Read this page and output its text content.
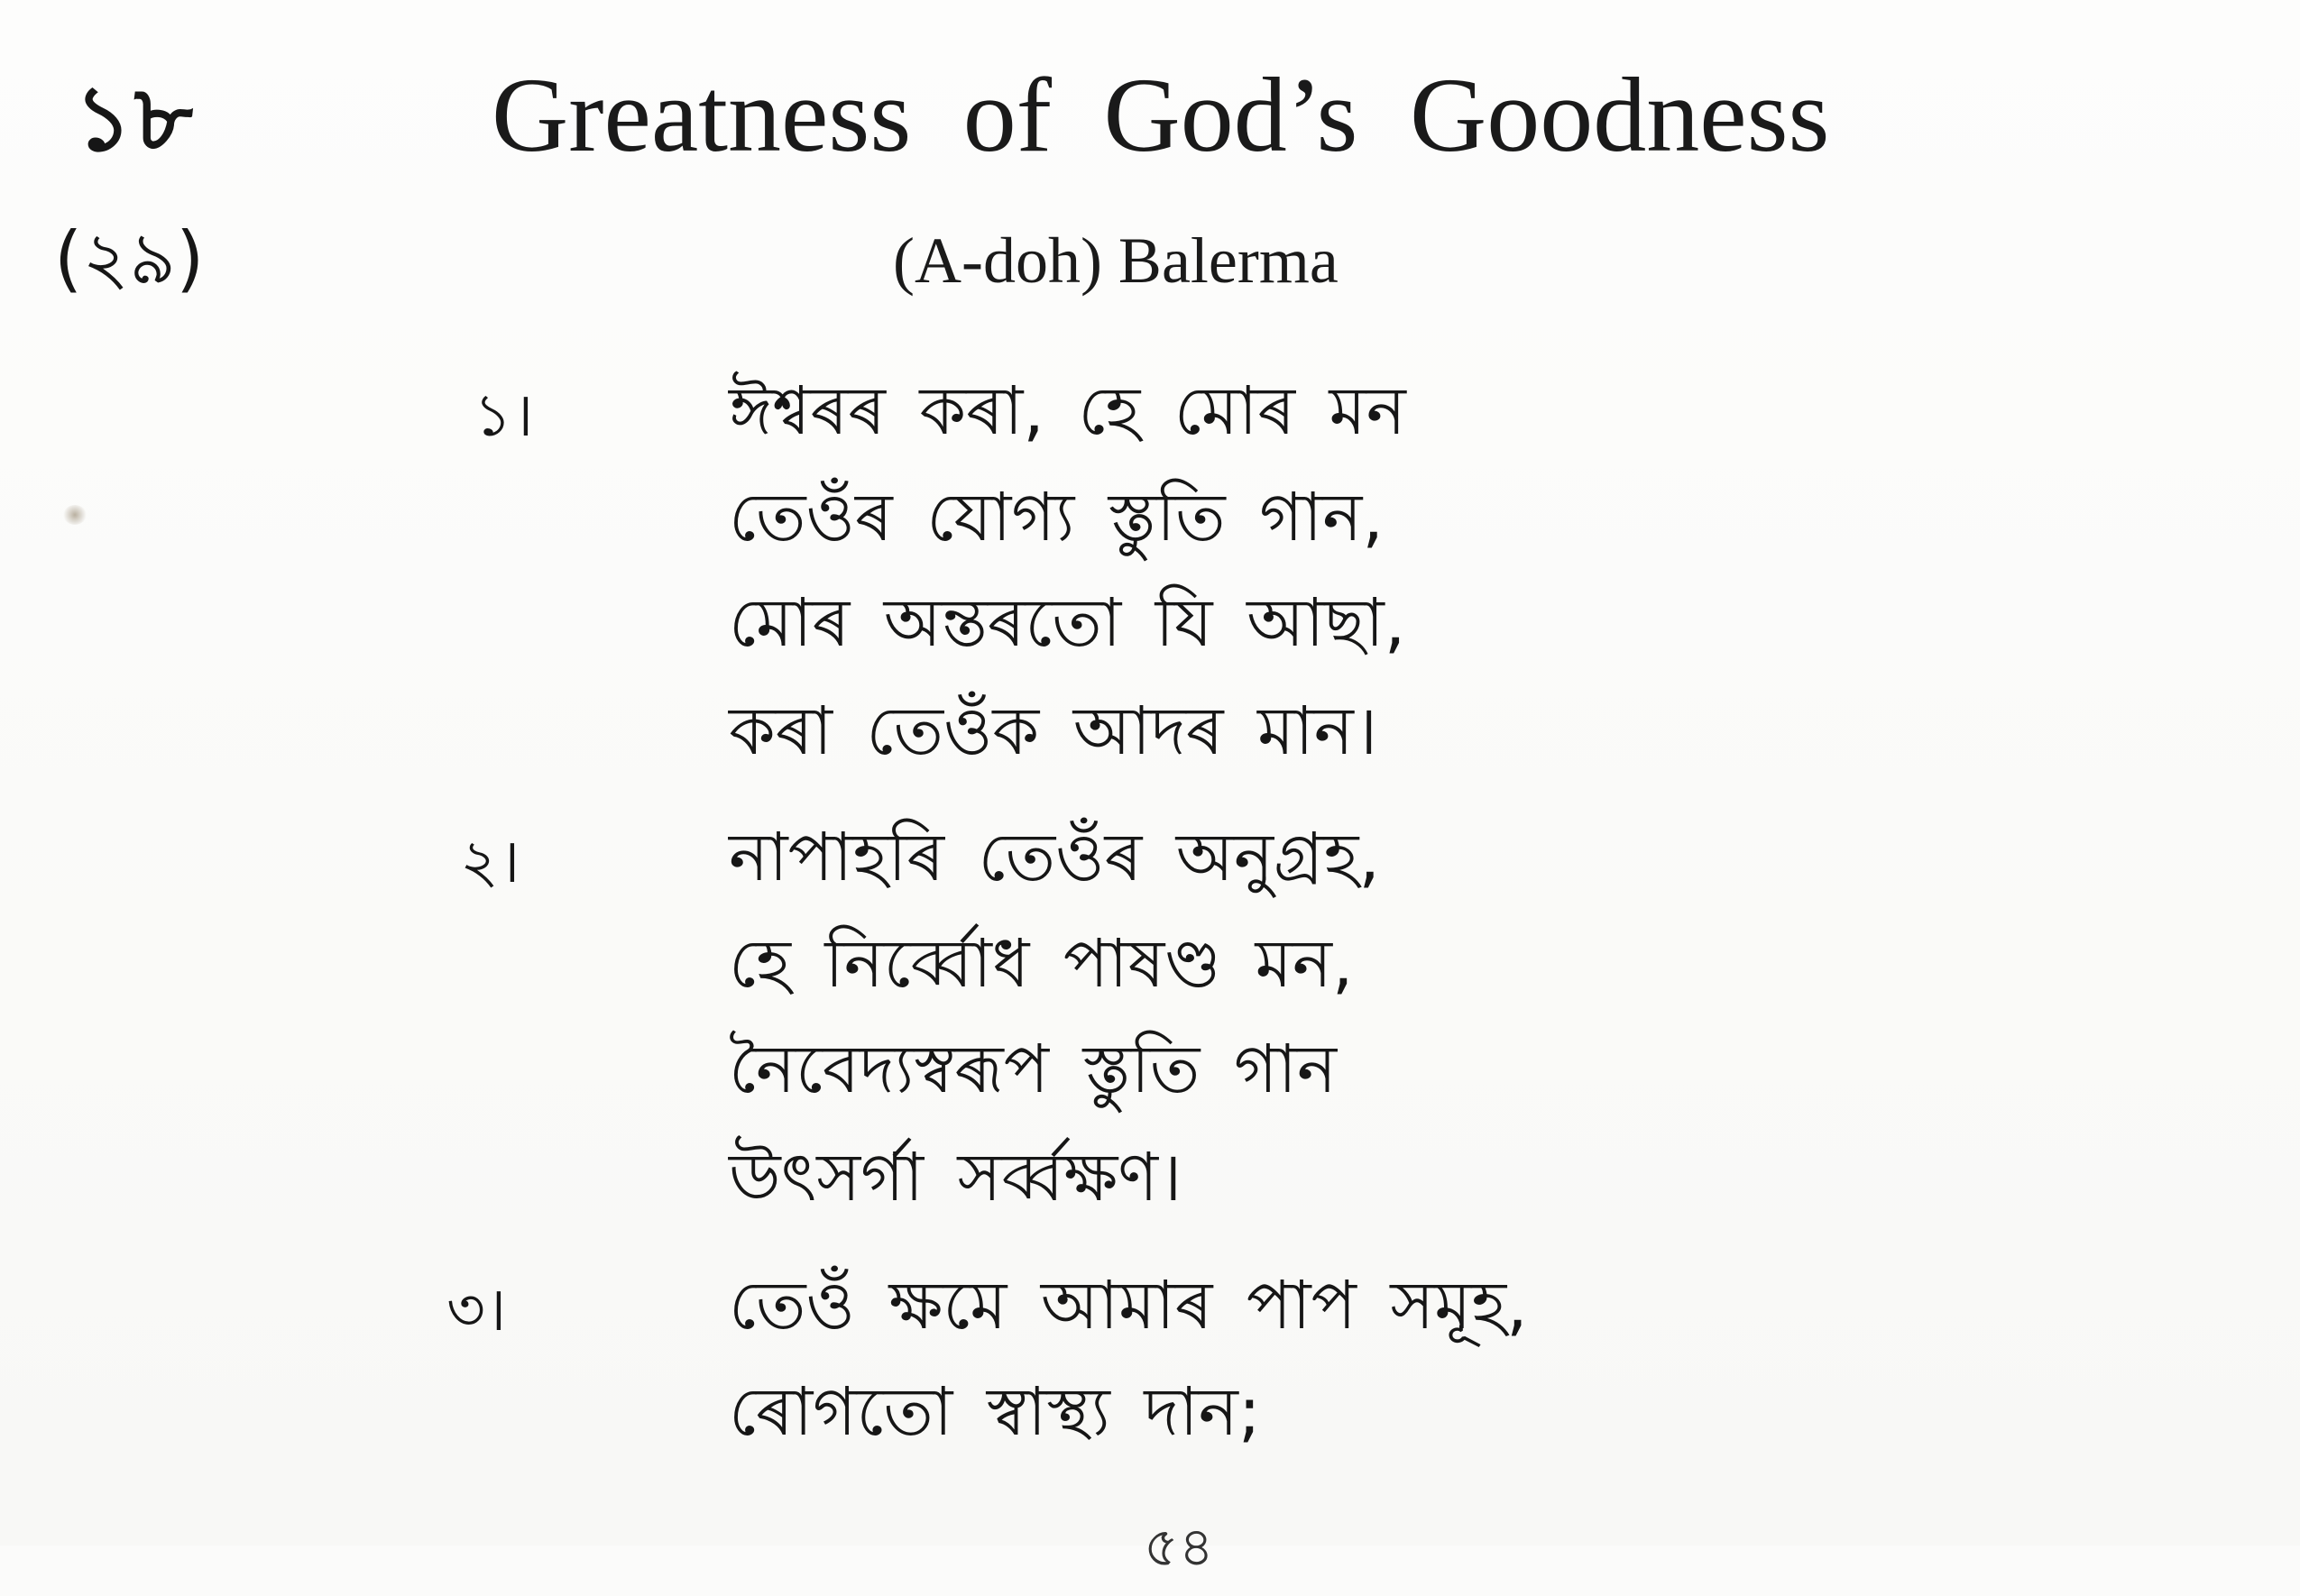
১৮
(২৯)
Greatness of God’s Goodness
(A-doh) Balerma
১।	ঈশ্বৰৰ কৰা, হে মোৰ মন
তেওঁৰ যোগ্য স্তুতি গান,
মোৰ অন্তৰতো যি আছা,
কৰা তেওঁক আদৰ মান।
২।	নাপাহৰি তেওঁৰ অনুগ্ৰহ,
হে নিৰ্ব্বোধ পাষণ্ড মন,
নৈবেদ্যস্বৰূপ স্তুতি গান
উৎসৰ্গা সৰ্ব্বক্ষণ।
৩।	তেওঁ ক্ষমে আমাৰ পাপ সমূহ,
ৰোগতো স্বাস্থ্য দান;
৫৪
